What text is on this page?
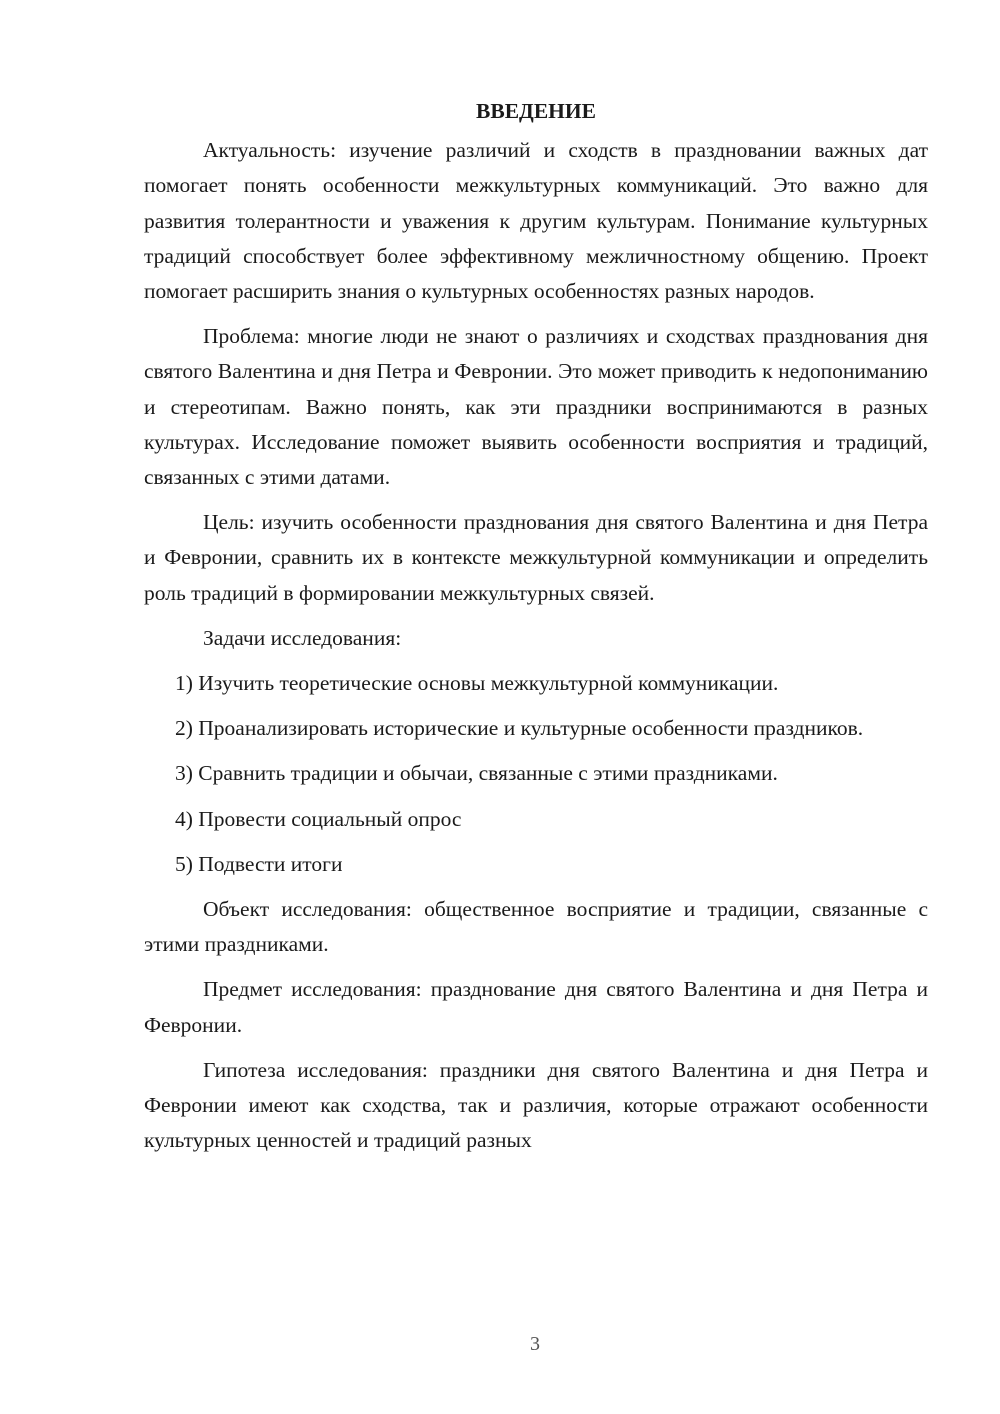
ВВЕДЕНИЕ

Актуальность: изучение различий и сходств в праздновании важных дат помогает понять особенности межкультурных коммуникаций. Это важно для развития толерантности и уважения к другим культурам. Понимание культурных традиций способствует более эффективному межличностному общению. Проект помогает расширить знания о культурных особенностях разных народов.

Проблема: многие люди не знают о различиях и сходствах празднования дня святого Валентина и дня Петра и Февронии. Это может приводить к недопониманию и стереотипам. Важно понять, как эти праздники воспринимаются в разных культурах. Исследование поможет выявить особенности восприятия и традиций, связанных с этими датами.

Цель: изучить особенности празднования дня святого Валентина и дня Петра и Февронии, сравнить их в контексте межкультурной коммуникации и определить роль традиций в формировании межкультурных связей.

Задачи исследования:

1) Изучить теоретические основы межкультурной коммуникации.

2) Проанализировать исторические и культурные особенности праздников.

3) Сравнить традиции и обычаи, связанные с этими праздниками.

4) Провести социальный опрос

5) Подвести итоги

Объект исследования: общественное восприятие и традиции, связанные с этими праздниками.

Предмет исследования: празднование дня святого Валентина и дня Петра и Февронии.

Гипотеза исследования: праздники дня святого Валентина и дня Петра и Февронии имеют как сходства, так и различия, которые отражают особенности культурных ценностей и традиций разных

3
